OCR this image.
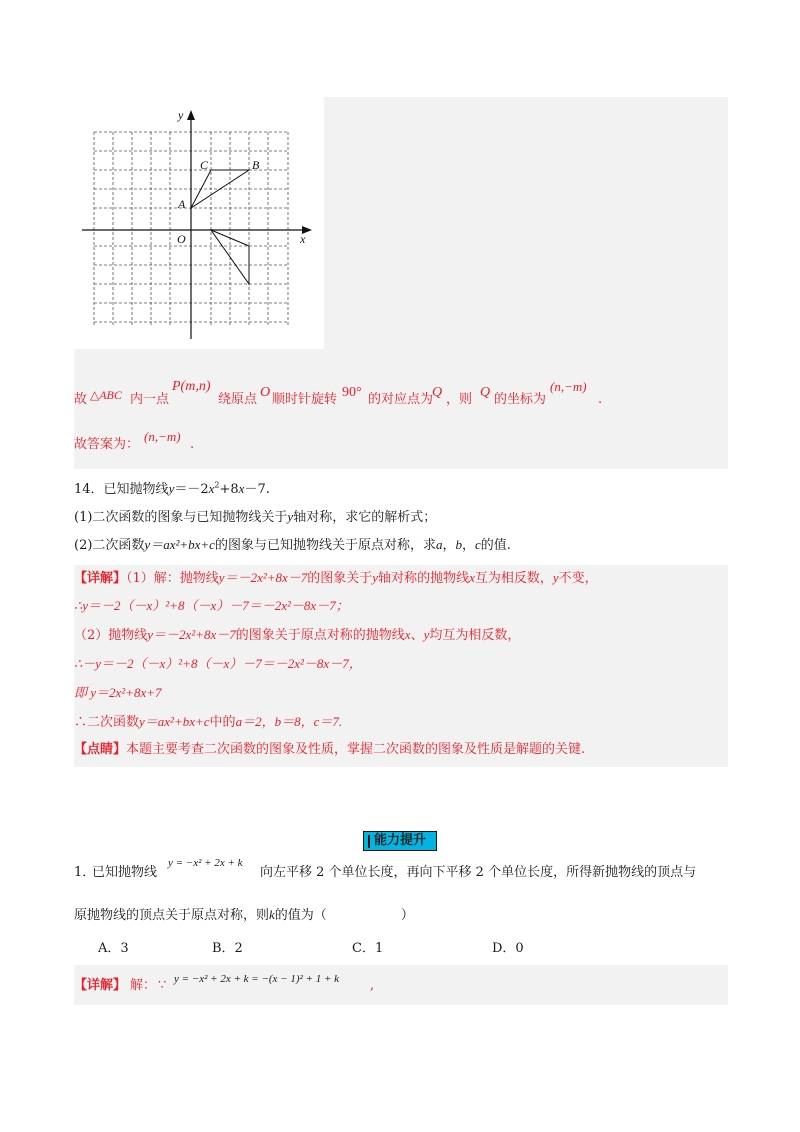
x
y
O
A
C	B
故 △ABC 内一点
P(m,n)
绕原点 O 顺时针旋转 90° 的对应点为
Q ，则 Q 的坐标为
(n,−m)
.
故答案为：
(n,−m)
.
14．已知抛物线$y=-2x^2+8x-7$.
(1)二次函数的图象与已知抛物线关于y轴对称，求它的解析式；
(2)二次函数y＝ax²+bx+c的图象与已知抛物线关于原点对称，求a，b，c的值.
【详解】（1）解：抛物线y＝－2x²+8x－7的图象关于y轴对称的抛物线x互为相反数，y不变，
∴y＝－2（－x）²+8（－x）－7＝－2x²－8x－7；
（2）抛物线y＝－2x²+8x－7的图象关于原点对称的抛物线x、y均互为相反数，
∴－y＝－2（－x）²+8（－x）－7＝－2x²－8x－7，
即 y＝2x²+8x+7
∴二次函数y＝ax²+bx+c中的a＝2，b＝8，c＝7.
【点睛】本题主要考查二次函数的图象及性质，掌握二次函数的图象及性质是解题的关键.
能力提升
1．
已知抛物线
y = −x² + 2x + k
向左平移 2 个单位长度，再向下平移 2 个单位长度，所得新抛物线的顶点与
原抛物线的顶点关于原点对称，则k的值为（	）
A．3	B．2	C．1	D．0
【详解】 解： ∵ y = −x² + 2x + k = −(x − 1)² + 1 + k ,
